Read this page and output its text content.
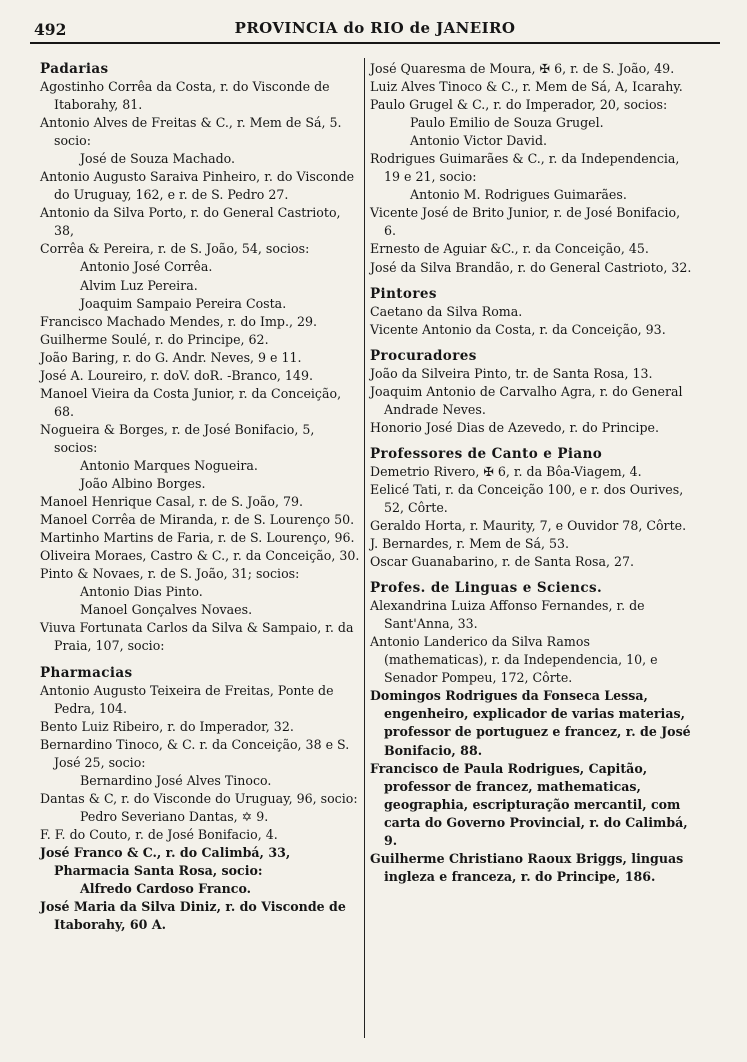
492	PROVINCIA do RIO de JANEIRO
Padarias
Agostinho Corrêa da Costa, r. do Visconde de Itaborahy, 81.
Antonio Alves de Freitas & C., r. Mem de Sá, 5. socio:
José de Souza Machado.
Antonio Augusto Saraiva Pinheiro, r. do Visconde do Uruguay, 162, e r. de S. Pedro 27.
Antonio da Silva Porto, r. do General Castrioto, 38,
Corrêa & Pereira, r. de S. João, 54, socios:
Antonio José Corrêa.
Alvim Luz Pereira.
Joaquim Sampaio Pereira Costa.
Francisco Machado Mendes, r. do Imp., 29.
Guilherme Soulé, r. do Principe, 62.
João Baring, r. do G. Andr. Neves, 9 e 11.
José A. Loureiro, r. doV. doR. -Branco, 149.
Manoel Vieira da Costa Junior, r. da Conceição, 68.
Nogueira & Borges, r. de José Bonifacio, 5, socios:
Antonio Marques Nogueira.
João Albino Borges.
Manoel Henrique Casal, r. de S. João, 79.
Manoel Corrêa de Miranda, r. de S. Lourenço 50.
Martinho Martins de Faria, r. de S. Lourenço, 96.
Oliveira Moraes, Castro & C., r. da Conceição, 30.
Pinto & Novaes, r. de S. João, 31; socios:
Antonio Dias Pinto.
Manoel Gonçalves Novaes.
Viuva Fortunata Carlos da Silva & Sampaio, r. da Praia, 107, socio:
Pharmacias
Antonio Augusto Teixeira de Freitas, Ponte de Pedra, 104.
Bento Luiz Ribeiro, r. do Imperador, 32.
Bernardino Tinoco, & C. r. da Conceição, 38 e S. José 25, socio:
Bernardino José Alves Tinoco.
Dantas & C, r. do Visconde do Uruguay, 96, socio:
Pedro Severiano Dantas, ✡ 9.
F. F. do Couto, r. de José Bonifacio, 4.
José Franco & C., r. do Calimbá, 33, Pharmacia Santa Rosa, socio:
Alfredo Cardoso Franco.
José Maria da Silva Diniz, r. do Visconde de Itaborahy, 60 A.
José Quaresma de Moura, ✠ 6, r. de S. João, 49.
Luiz Alves Tinoco & C., r. Mem de Sá, A, Icarahy.
Paulo Grugel & C., r. do Imperador, 20, socios:
Paulo Emilio de Souza Grugel.
Antonio Victor David.
Rodrigues Guimarães & C., r. da Independencia, 19 e 21, socio:
Antonio M. Rodrigues Guimarães.
Vicente José de Brito Junior, r. de José Bonifacio, 6.
Ernesto de Aguiar &C., r. da Conceição, 45.
José da Silva Brandão, r. do General Castrioto, 32.
Pintores
Caetano da Silva Roma.
Vicente Antonio da Costa, r. da Conceição, 93.
Procuradores
João da Silveira Pinto, tr. de Santa Rosa, 13.
Joaquim Antonio de Carvalho Agra, r. do General Andrade Neves.
Honorio José Dias de Azevedo, r. do Principe.
Professores de Canto e Piano
Demetrio Rivero, ✠ 6, r. da Bôa-Viagem, 4.
Eelicé Tati, r. da Conceição 100, e r. dos Ourives, 52, Côrte.
Geraldo Horta, r. Maurity, 7, e Ouvidor 78, Côrte.
J. Bernardes, r. Mem de Sá, 53.
Oscar Guanabarino, r. de Santa Rosa, 27.
Profes. de Linguas e Sciencs.
Alexandrina Luiza Affonso Fernandes, r. de Sant'Anna, 33.
Antonio Landerico da Silva Ramos (mathematicas), r. da Independencia, 10, e Senador Pompeu, 172, Côrte.
Domingos Rodrigues da Fonseca Lessa, engenheiro, explicador de varias materias, professor de portuguez e francez, r. de José Bonifacio, 88.
Francisco de Paula Rodrigues, Capitão, professor de francez, mathematicas, geographia, escripturação mercantil, com carta do Governo Provincial, r. do Calimbá, 9.
Guilherme Christiano Raoux Briggs, linguas ingleza e franceza, r. do Principe, 186.
